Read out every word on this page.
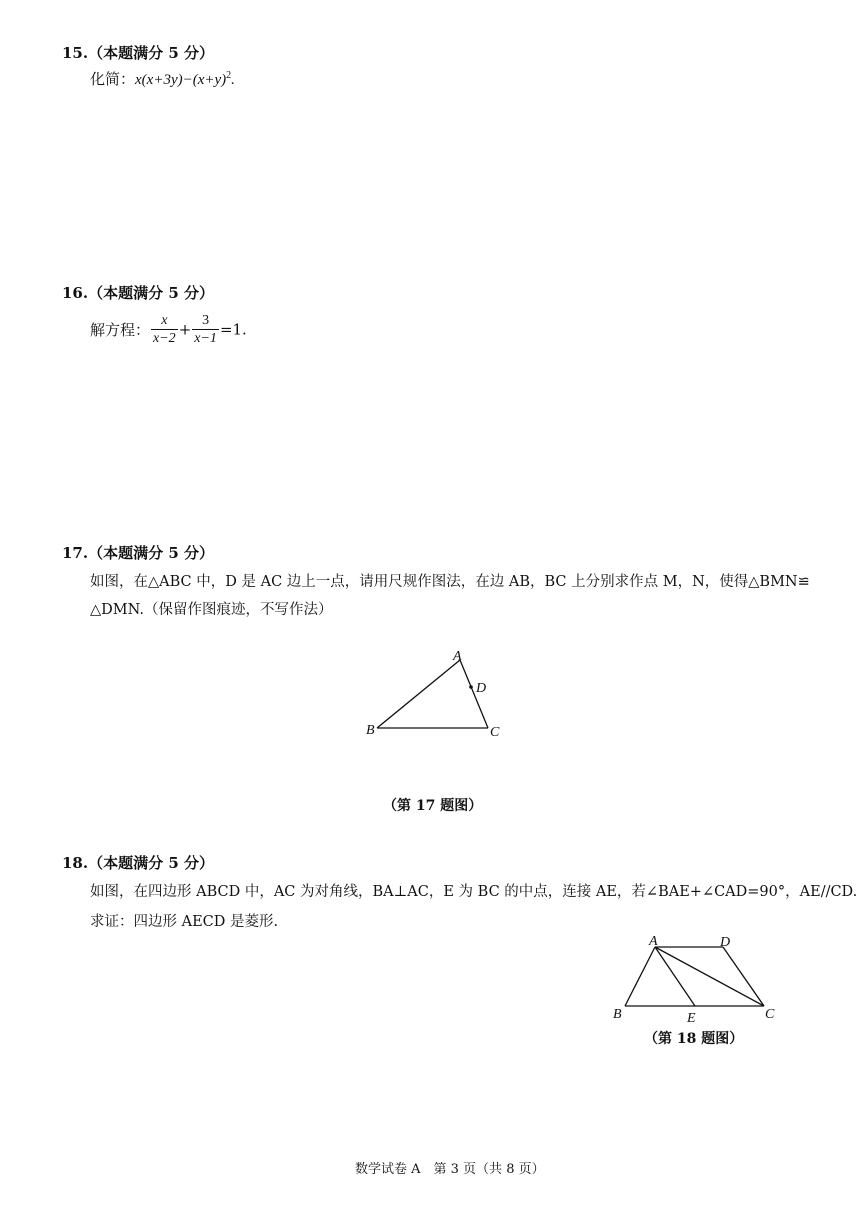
15.（本题满分 5 分）
化简：$x(x+3y)-(x+y)^2$.
16.（本题满分 5 分）
解方程： $\frac{x}{x-2} + \frac{3}{x-1} =1$.
17.（本题满分 5 分）
如图，在△ABC 中，D 是 AC 边上一点，请用尺规作图法，在边 AB，BC 上分别求作点 M，N，使得△BMN≌
△DMN.（保留作图痕迹，不写作法）
A
D
B	C
（第 17 题图）
18.（本题满分 5 分）
如图，在四边形 ABCD 中，AC 为对角线，BA⊥AC，E 为 BC 的中点，连接 AE，若∠BAE+∠CAD=90°，AE//CD.
求证：四边形 AECD 是菱形.
A	D
B	E	C
（第 18 题图）
数学试卷 A　第 3 页（共 8 页）
